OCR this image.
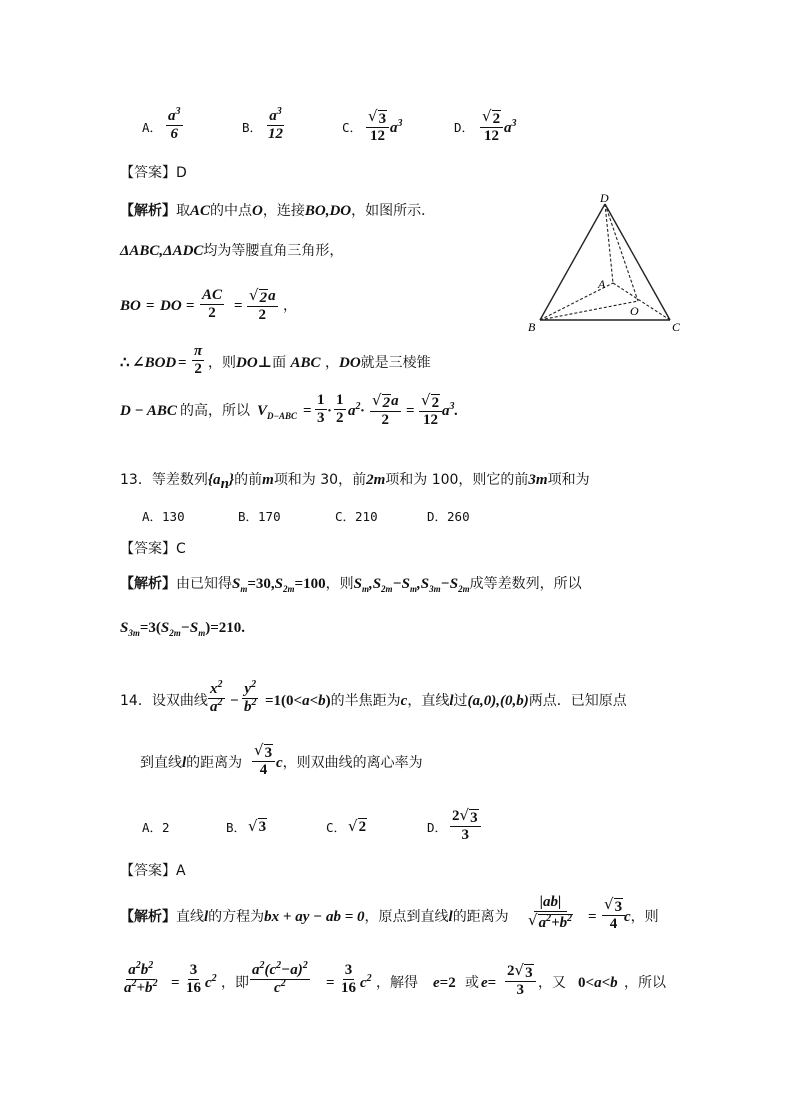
A． $\frac{a^3}{6}$	B． $\frac{a^3}{12}$	C． $\frac{√ 3}{12} a^3$	D． $\frac{√ 2}{12} a^3$
【答案】D
【解析】取AC的中点O，连接BO,DO，如图所示．
ΔABC,ΔADC均为等腰直角三角形，
BO = DO = $\frac{AC}{2} = \frac{√ 2 a}{2}$ ，
∴ ∠BOD = $\frac{\pi}{2}$ ，则DO⊥面 ABC ，DO就是三棱锥
D − ABC 的高，所以 $V_{D-ABC} = \frac{1}{3} \cdot \frac{1}{2} a^2\cdot \frac{√ 2 a}{2} = \frac{√ 2}{12} a^3$.
D
A
O
B	C
13．等差数列$\{a_n\}$的前m项和为 30，前2m项和为 100，则它的前3m项和为
A．130	B．170	C．210	D．260
【答案】C
【解析】由已知得$S_m=30,S_{2m}=100$，则$S_m,S_{2m}-S_m,S_{3m}-S_{2m}$成等差数列，所以
$S_{3m}=3(S_{2m}-S_m)=210$.
14．设双曲线 $\frac{x^2}{a^2} - \frac{y^2}{b^2} =1(0<a<b)$的半焦距为c，直线l过(a,0),(0,b)两点．已知原点
到直线l的距离为 $\frac{√ 3}{4}$ c，则双曲线的离心率为
A．2	B． √ 3	C． √ 2	D． $\frac{2 √ 3}{3}$
【答案】A
【解析】直线l的方程为bx + ay − ab = 0，原点到直线l的距离为 $\frac{|ab|}{√ a^2+b^2} = \frac{√ 3}{4}$
c，则
$\frac{a^2b^2}{a^2+b^2} = \frac{3}{16} c^2$ ，即 $\frac{a^2(c^2-a)^2}{c^2} = \frac{3}{16} c^2$ ，解得 e=2 或 $e= \frac{2 √ 3}{3}$ ，又 0<a<b ，所以
